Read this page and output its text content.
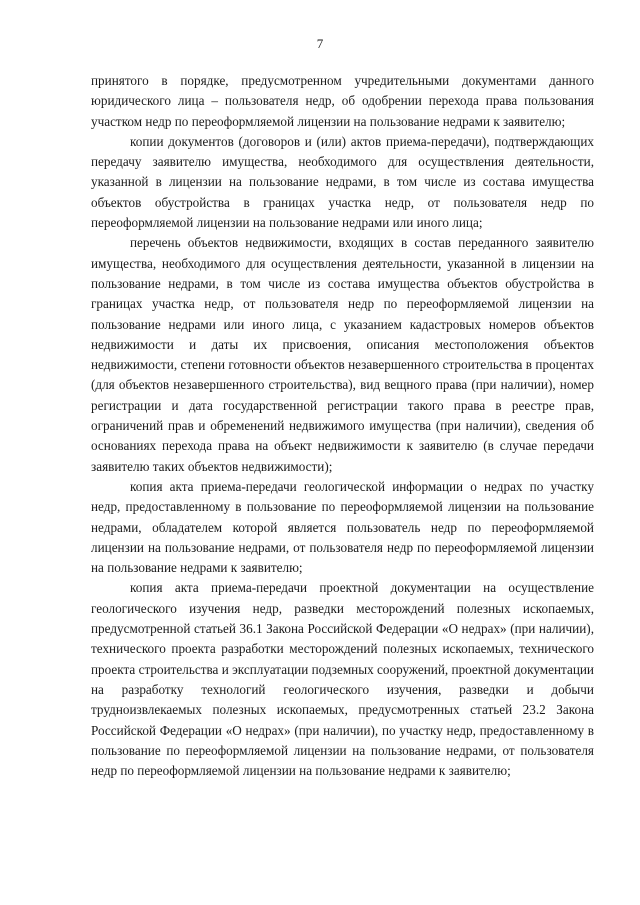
7

принятого в порядке, предусмотренном учредительными документами данного юридического лица – пользователя недр, об одобрении перехода права пользования участком недр по переоформляемой лицензии на пользование недрами к заявителю;

копии документов (договоров и (или) актов приема-передачи), подтверждающих передачу заявителю имущества, необходимого для осуществления деятельности, указанной в лицензии на пользование недрами, в том числе из состава имущества объектов обустройства в границах участка недр, от пользователя недр по переоформляемой лицензии на пользование недрами или иного лица;

перечень объектов недвижимости, входящих в состав переданного заявителю имущества, необходимого для осуществления деятельности, указанной в лицензии на пользование недрами, в том числе из состава имущества объектов обустройства в границах участка недр, от пользователя недр по переоформляемой лицензии на пользование недрами или иного лица, с указанием кадастровых номеров объектов недвижимости и даты их присвоения, описания местоположения объектов недвижимости, степени готовности объектов незавершенного строительства в процентах (для объектов незавершенного строительства), вид вещного права (при наличии), номер регистрации и дата государственной регистрации такого права в реестре прав, ограничений прав и обременений недвижимого имущества (при наличии), сведения об основаниях перехода права на объект недвижимости к заявителю (в случае передачи заявителю таких объектов недвижимости);

копия акта приема-передачи геологической информации о недрах по участку недр, предоставленному в пользование по переоформляемой лицензии на пользование недрами, обладателем которой является пользователь недр по переоформляемой лицензии на пользование недрами, от пользователя недр по переоформляемой лицензии на пользование недрами к заявителю;

копия акта приема-передачи проектной документации на осуществление геологического изучения недр, разведки месторождений полезных ископаемых, предусмотренной статьей 36.1 Закона Российской Федерации «О недрах» (при наличии), технического проекта разработки месторождений полезных ископаемых, технического проекта строительства и эксплуатации подземных сооружений, проектной документации на разработку технологий геологического изучения, разведки и добычи трудноизвлекаемых полезных ископаемых, предусмотренных статьей 23.2 Закона Российской Федерации «О недрах» (при наличии), по участку недр, предоставленному в пользование по переоформляемой лицензии на пользование недрами, от пользователя недр по переоформляемой лицензии на пользование недрами к заявителю;
